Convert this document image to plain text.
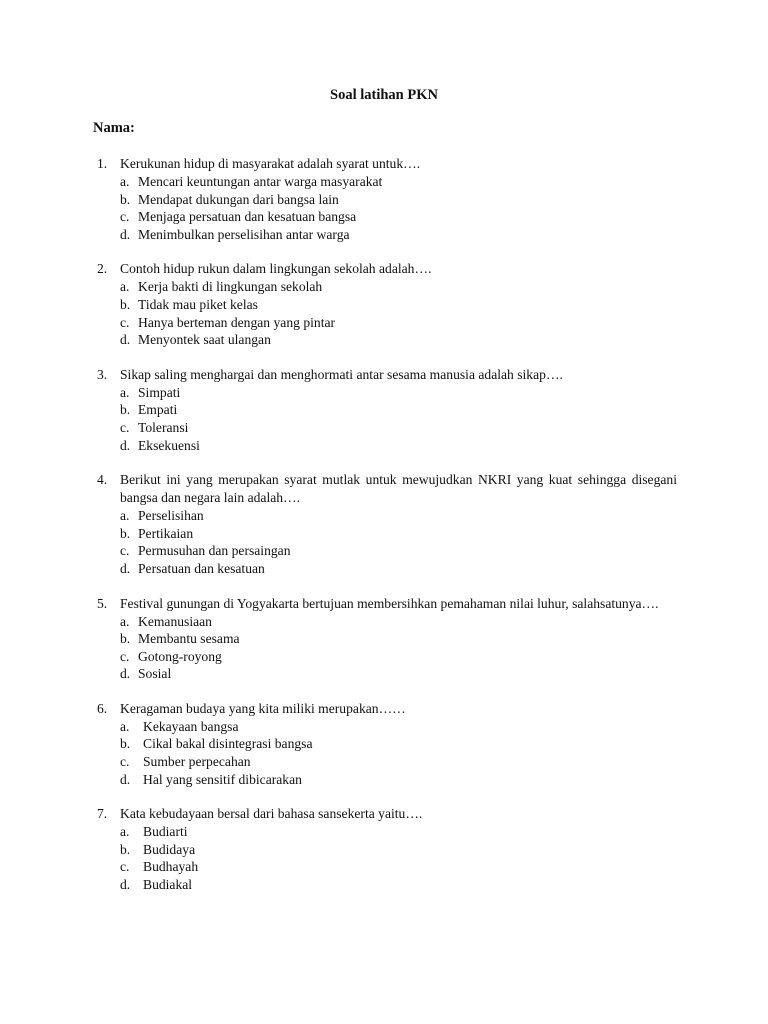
Soal latihan PKN
Nama:
1. Kerukunan hidup di masyarakat adalah syarat untuk….
a. Mencari keuntungan antar warga masyarakat
b. Mendapat dukungan dari bangsa lain
c. Menjaga persatuan dan kesatuan bangsa
d. Menimbulkan perselisihan antar warga
2. Contoh hidup rukun dalam lingkungan sekolah adalah….
a. Kerja bakti di lingkungan sekolah
b. Tidak mau piket kelas
c. Hanya berteman dengan yang pintar
d. Menyontek saat ulangan
3. Sikap saling menghargai dan menghormati antar sesama manusia adalah sikap….
a. Simpati
b. Empati
c. Toleransi
d. Eksekuensi
4. Berikut ini yang merupakan syarat mutlak untuk mewujudkan NKRI yang kuat sehingga disegani bangsa dan negara lain adalah….
a. Perselisihan
b. Pertikaian
c. Permusuhan dan persaingan
d. Persatuan dan kesatuan
5. Festival gunungan di Yogyakarta bertujuan membersihkan pemahaman nilai luhur, salahsatunya….
a. Kemanusiaan
b. Membantu sesama
c. Gotong-royong
d. Sosial
6. Keragaman budaya yang kita miliki merupakan……
a. Kekayaan bangsa
b. Cikal bakal disintegrasi bangsa
c. Sumber perpecahan
d. Hal yang sensitif dibicarakan
7. Kata kebudayaan bersal dari bahasa sansekerta yaitu….
a. Budiarti
b. Budidaya
c. Budhayah
d. Budiakal
